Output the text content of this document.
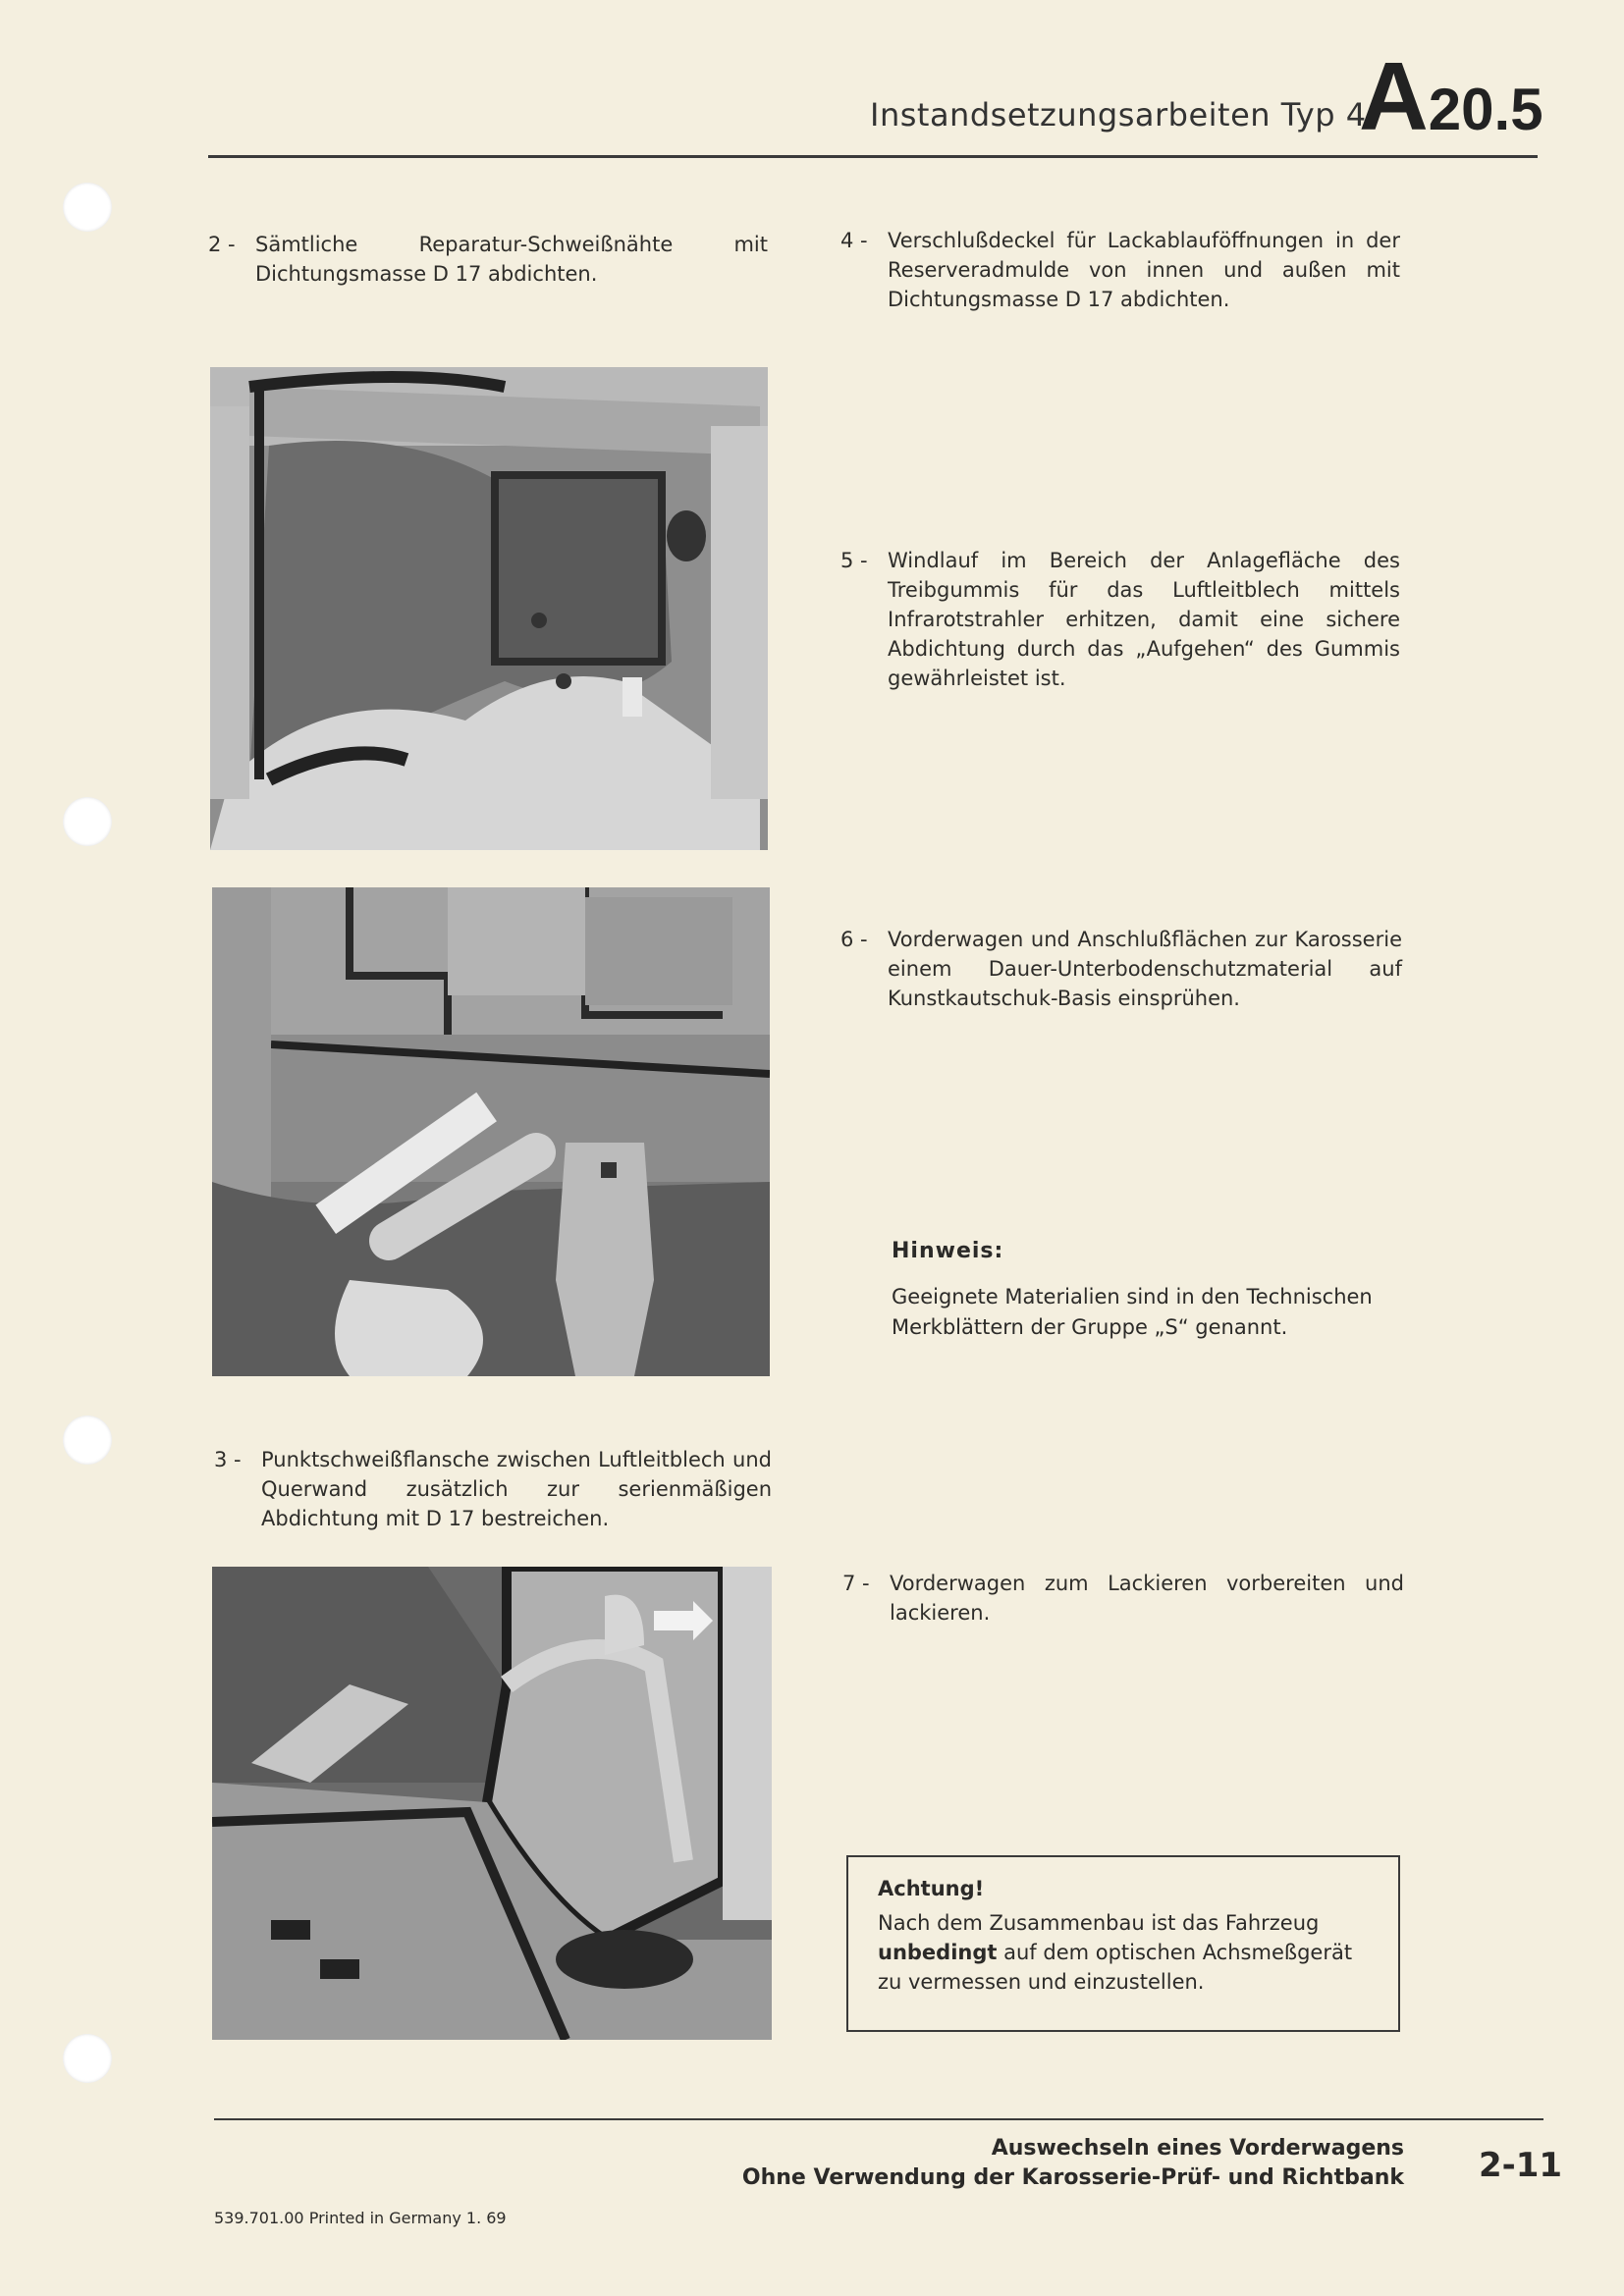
Instandsetzungsarbeiten Typ 4
A20.5
2 - Sämtliche Reparatur-Schweißnähte mit Dichtungsmasse D 17 abdichten.
4 - Verschlußdeckel für Lackablauföffnungen in der Reserveradmulde von innen und außen mit Dichtungsmasse D 17 abdichten.
5 - Windlauf im Bereich der Anlagefläche des Treibgummis für das Luftleitblech mittels Infrarotstrahler erhitzen, damit eine sichere Abdichtung durch das „Aufgehen“ des Gummis gewährleistet ist.
6 - Vorderwagen und Anschlußflächen zur Karosserie einem Dauer-Unterbodenschutzmaterial auf Kunstkautschuk-Basis einsprühen.
3 - Punktschweißflansche zwischen Luftleitblech und Querwand zusätzlich zur serienmäßigen Abdichtung mit D 17 bestreichen.
7 - Vorderwagen zum Lackieren vorbereiten und lackieren.
Hinweis:
Geeignete Materialien sind in den Technischen Merkblättern der Gruppe „S“ genannt.
Achtung!
Nach dem Zusammenbau ist das Fahrzeug unbedingt auf dem optischen Achsmeßgerät zu vermessen und einzustellen.
Auswechseln eines Vorderwagens
Ohne Verwendung der Karosserie-Prüf- und Richtbank 2-11
539.701.00 Printed in Germany 1. 69
